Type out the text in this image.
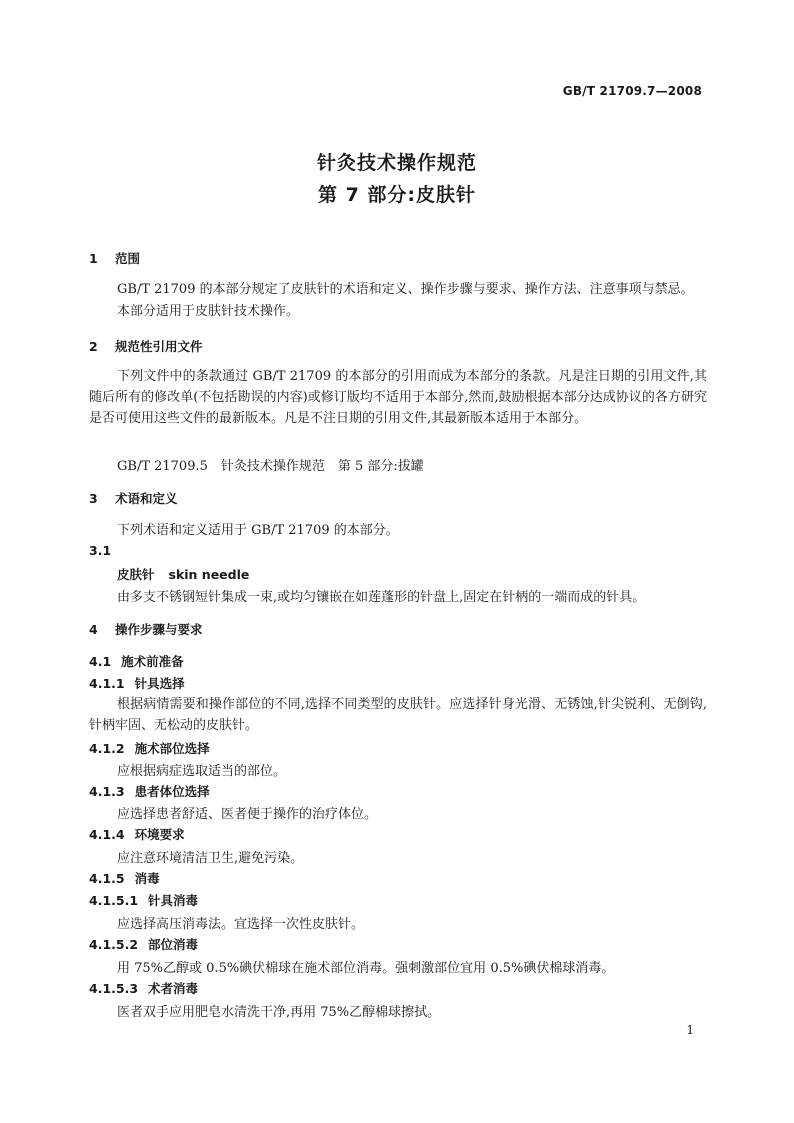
GB/T 21709.7—2008
针灸技术操作规范
第 7 部分:皮肤针
1 范围
GB/T 21709 的本部分规定了皮肤针的术语和定义、操作步骤与要求、操作方法、注意事项与禁忌。
本部分适用于皮肤针技术操作。
2 规范性引用文件
下列文件中的条款通过 GB/T 21709 的本部分的引用而成为本部分的条款。凡是注日期的引用文件,其随后所有的修改单(不包括勘误的内容)或修订版均不适用于本部分,然而,鼓励根据本部分达成协议的各方研究是否可使用这些文件的最新版本。凡是不注日期的引用文件,其最新版本适用于本部分。
GB/T 21709.5　针灸技术操作规范　第 5 部分:拔罐
3 术语和定义
下列术语和定义适用于 GB/T 21709 的本部分。
3.1
皮肤针 skin needle
由多支不锈钢短针集成一束,或均匀镶嵌在如莲蓬形的针盘上,固定在针柄的一端而成的针具。
4 操作步骤与要求
4.1 施术前准备
4.1.1 针具选择
根据病情需要和操作部位的不同,选择不同类型的皮肤针。应选择针身光滑、无锈蚀,针尖锐利、无倒钩,针柄牢固、无松动的皮肤针。
4.1.2 施术部位选择
应根据病症选取适当的部位。
4.1.3 患者体位选择
应选择患者舒适、医者便于操作的治疗体位。
4.1.4 环境要求
应注意环境清洁卫生,避免污染。
4.1.5 消毒
4.1.5.1 针具消毒
应选择高压消毒法。宜选择一次性皮肤针。
4.1.5.2 部位消毒
用 75%乙醇或 0.5%碘伏棉球在施术部位消毒。强刺激部位宜用 0.5%碘伏棉球消毒。
4.1.5.3 术者消毒
医者双手应用肥皂水清洗干净,再用 75%乙醇棉球擦拭。
1
